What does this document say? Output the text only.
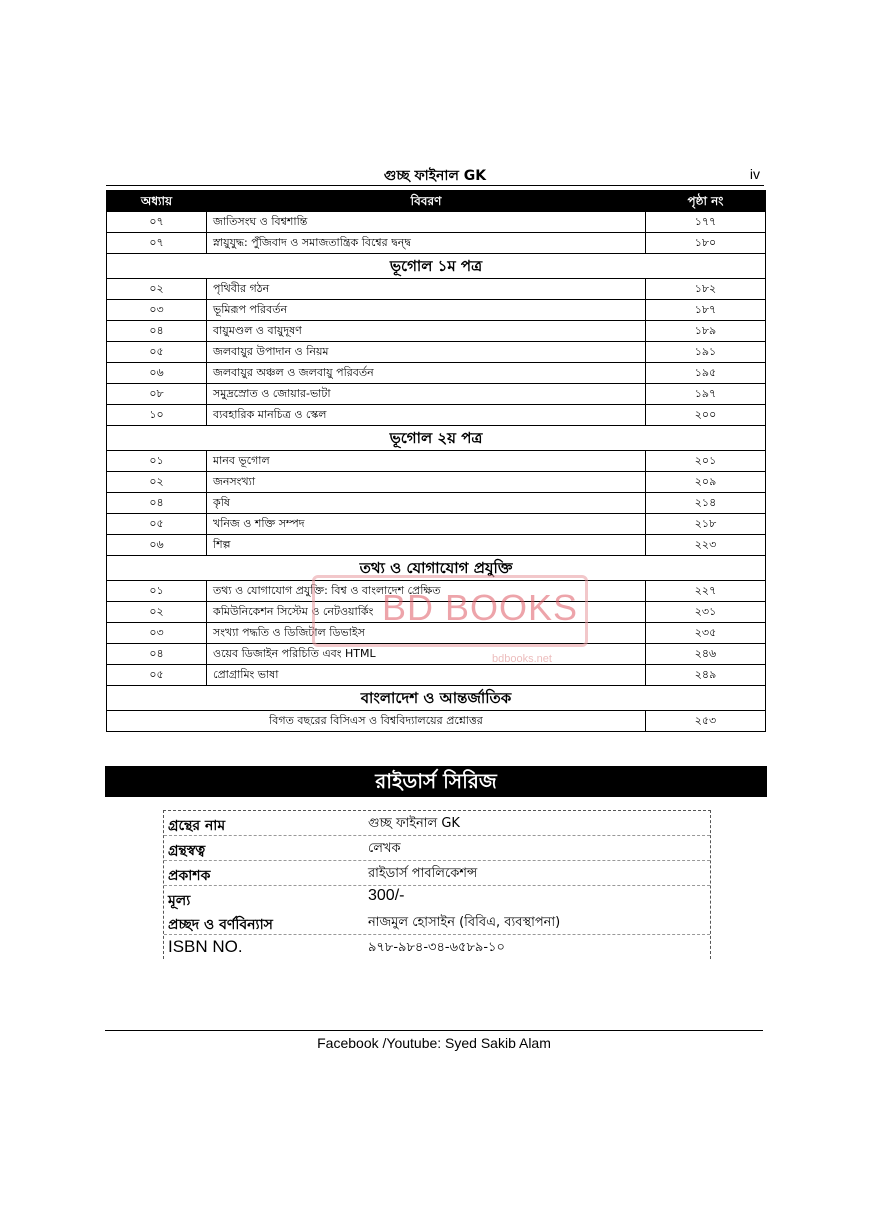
গুচ্ছ ফাইনাল GK	iv
অধ্যায়	বিবরণ	পৃষ্ঠা নং
০৭	জাতিসংঘ ও বিশ্বশান্তি	১৭৭
০৭	স্নায়ুযুদ্ধ: পুঁজিবাদ ও সমাজতান্ত্রিক বিশ্বের দ্বন্দ্ব	১৮০
ভূগোল ১ম পত্র		
০২	পৃথিবীর গঠন	১৮২
০৩	ভূমিরূপ পরিবর্তন	১৮৭
০৪	বায়ুমণ্ডল ও বায়ুদূষণ	১৮৯
০৫	জলবায়ুর উপাদান ও নিয়ম	১৯১
০৬	জলবায়ুর অঞ্চল ও জলবায়ু পরিবর্তন	১৯৫
০৮	সমুদ্রস্রোত ও জোয়ার-ভাটা	১৯৭
১০	ব্যবহারিক মানচিত্র ও স্কেল	২০০
ভূগোল ২য় পত্র		
০১	মানব ভূগোল	২০১
০২	জনসংখ্যা	২০৯
০৪	কৃষি	২১৪
০৫	খনিজ ও শক্তি সম্পদ	২১৮
০৬	শিল্প	২২৩
তথ্য ও যোগাযোগ প্রযুক্তি		
০১	তথ্য ও যোগাযোগ প্রযুক্তি: বিশ্ব ও বাংলাদেশ প্রেক্ষিত	২২৭
০২	কমিউনিকেশন সিস্টেম ও নেটওয়ার্কিং	২৩১
০৩	সংখ্যা পদ্ধতি ও ডিজিটাল ডিভাইস	২৩৫
০৪	ওয়েব ডিজাইন পরিচিতি এবং HTML	২৪৬
০৫	প্রোগ্রামিং ভাষা	২৪৯
বাংলাদেশ ও আন্তর্জাতিক		
বিগত বছরের বিসিএস ও বিশ্ববিদ্যালয়ের প্রশ্নোত্তর		২৫৩
BD BOOKS
bdbooks.net
রাইডার্স সিরিজ
গ্রন্থের নাম	গুচ্ছ ফাইনাল GK
গ্রন্থস্বত্ব	লেখক
প্রকাশক	রাইডার্স পাবলিকেশন্স
মূল্য	300/-
প্রচ্ছদ ও বর্ণবিন্যাস	নাজমুল হোসাইন (বিবিএ, ব্যবস্থাপনা)
ISBN NO.	৯৭৮-৯৮৪-৩৪-৬৫৮৯-১০
Facebook /Youtube: Syed Sakib Alam
